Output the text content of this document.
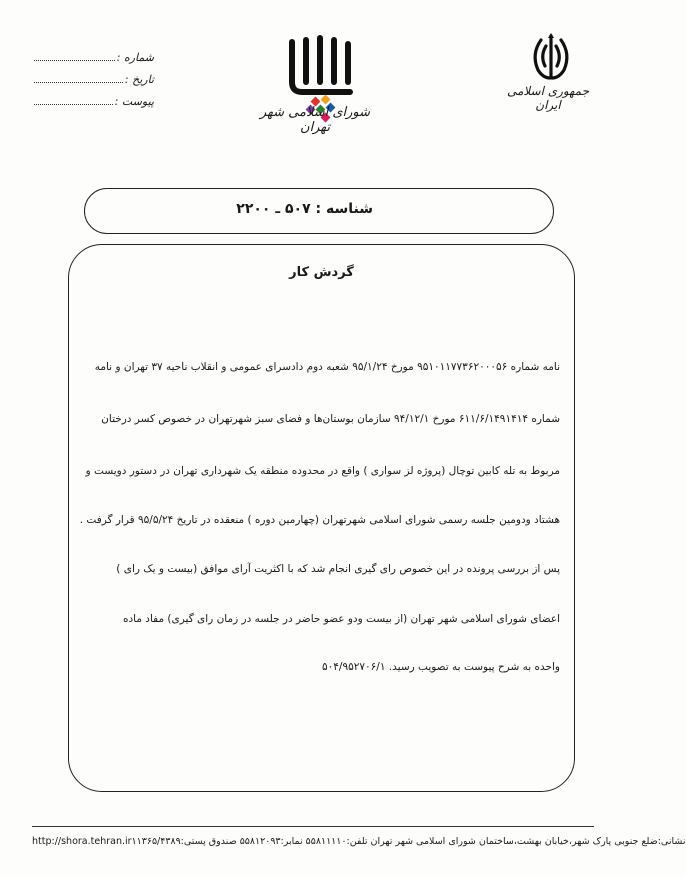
شماره :
تاریخ :
پیوست :
شورای اسلامی شهر تهران
جمهوری اسلامی ایران
شناسه : ۵۰۷ ـ ۲۲۰۰
گردش کار
نامه شماره ۹۵۱۰۱۱۷۷۳۶۲۰۰۰۵۶ مورخ ۹۵/۱/۲۴ شعبه دوم دادسرای عمومی و انقلاب ناحیه ۳۷ تهران و نامه
شماره ۶۱۱/۶/۱۴۹۱۴۱۴ مورخ ۹۴/۱۲/۱ سازمان بوستان‌ها و فضای سبز شهرتهران در خصوص کسر درختان
مربوط به تله کابین توچال (پروژه لز سواری ) واقع در محدوده منطقه یک شهرداری تهران در دستور دویست و
هشتاد ودومین جلسه رسمی شورای اسلامی شهرتهران (چهارمین دوره ) منعقده در تاریخ ۹۵/۵/۲۴ قرار گرفت .
پس از بررسی پرونده در این خصوص رای گیری انجام شد که با اکثریت آرای موافق (بیست و یک رای )
اعضای شورای اسلامی شهر تهران (از بیست ودو عضو حاضر در جلسه در زمان رای گیری) مفاد ماده
واحده به شرح پیوست به تصویب رسید. ۵۰۴/۹۵۲۷۰۶/۱
http://shora.tehran.ir نشانی:ضلع جنوبی پارک شهر،خیابان بهشت،ساختمان شورای اسلامی شهر تهران تلفن:۵۵۸۱۱۱۱۰ نمابر:۵۵۸۱۲۰۹۳ صندوق پستی:۱۱۳۶۵/۴۳۸۹
